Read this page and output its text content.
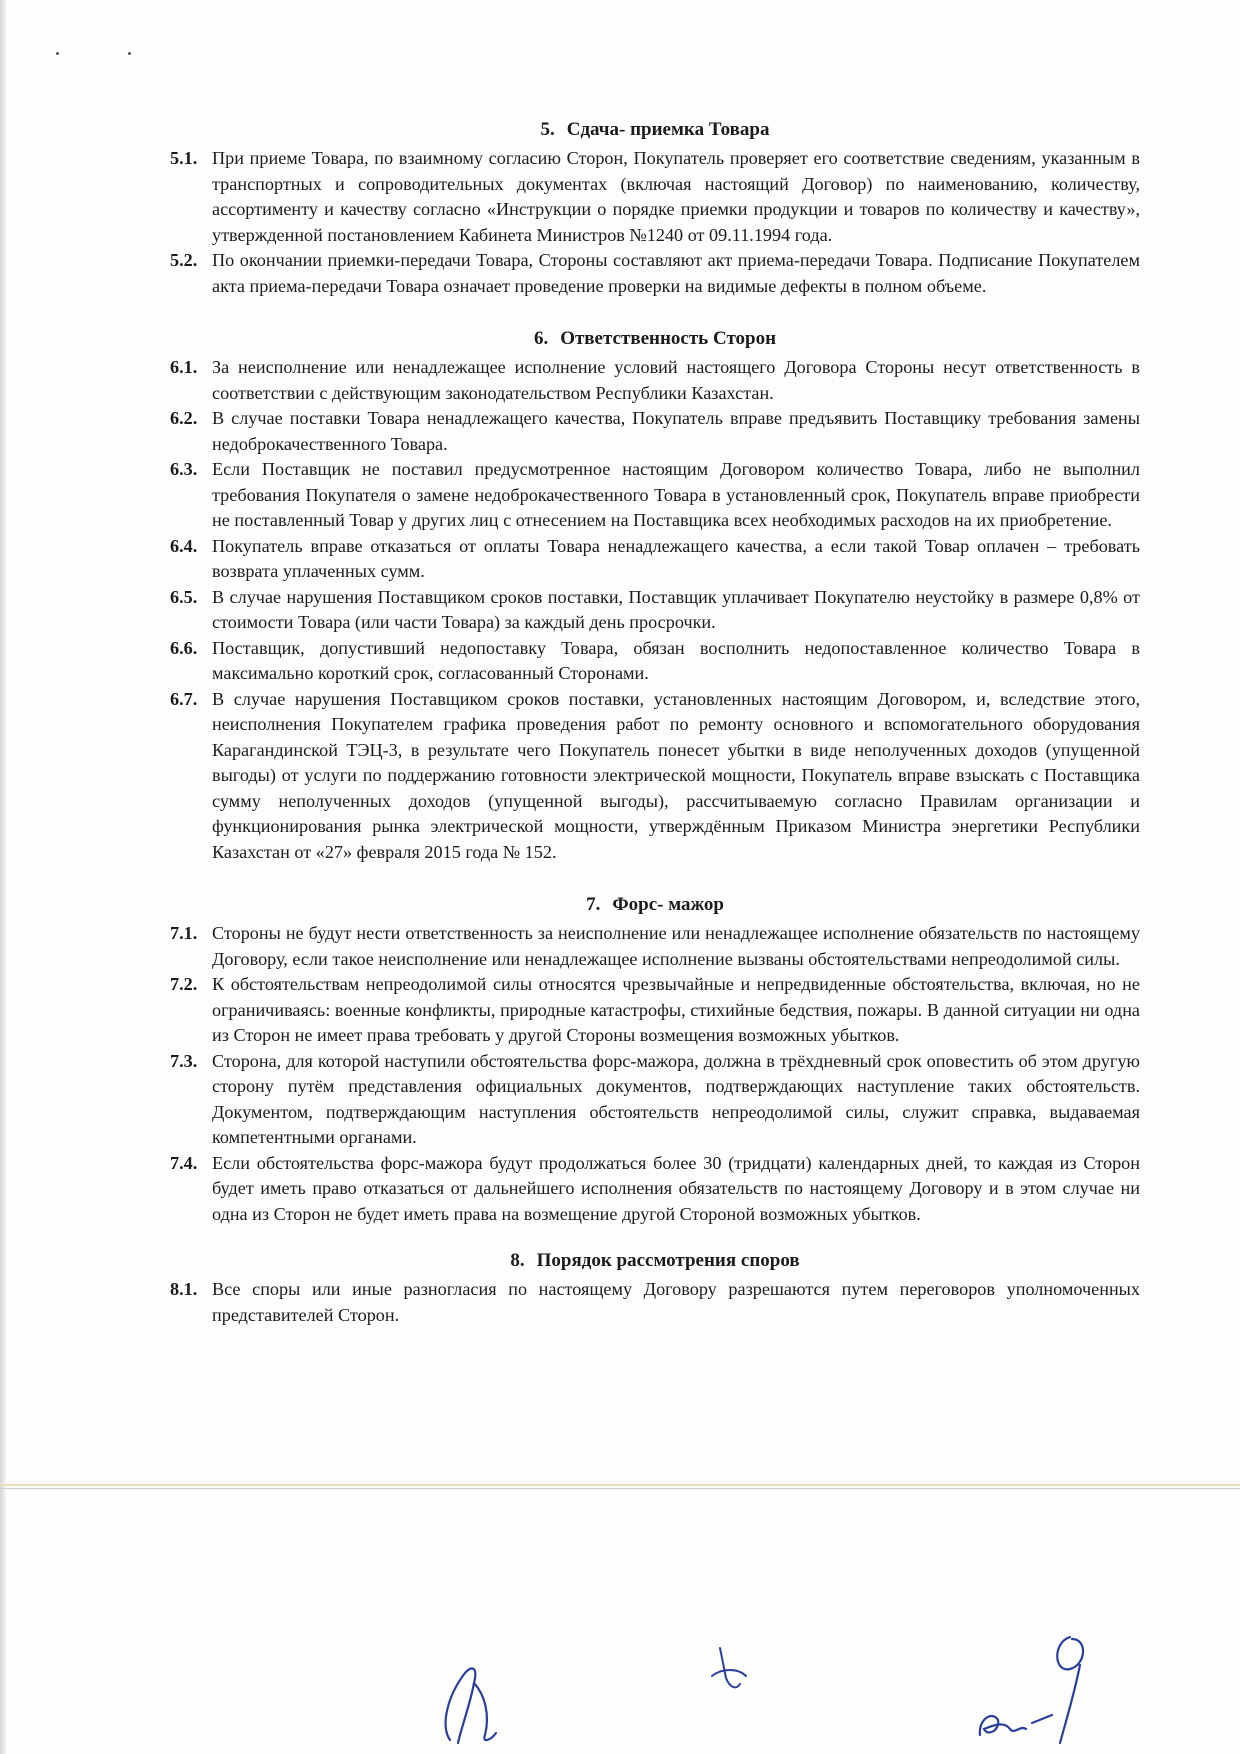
5. Сдача- приемка Товара
5.1. При приеме Товара, по взаимному согласию Сторон, Покупатель проверяет его соответствие сведениям, указанным в транспортных и сопроводительных документах (включая настоящий Договор) по наименованию, количеству, ассортименту и качеству согласно «Инструкции о порядке приемки продукции и товаров по количеству и качеству», утвержденной постановлением Кабинета Министров №1240 от 09.11.1994 года.
5.2. По окончании приемки-передачи Товара, Стороны составляют акт приема-передачи Товара. Подписание Покупателем акта приема-передачи Товара означает проведение проверки на видимые дефекты в полном объеме.
6. Ответственность Сторон
6.1. За неисполнение или ненадлежащее исполнение условий настоящего Договора Стороны несут ответственность в соответствии с действующим законодательством Республики Казахстан.
6.2. В случае поставки Товара ненадлежащего качества, Покупатель вправе предъявить Поставщику требования замены недоброкачественного Товара.
6.3. Если Поставщик не поставил предусмотренное настоящим Договором количество Товара, либо не выполнил требования Покупателя о замене недоброкачественного Товара в установленный срок, Покупатель вправе приобрести не поставленный Товар у других лиц с отнесением на Поставщика всех необходимых расходов на их приобретение.
6.4. Покупатель вправе отказаться от оплаты Товара ненадлежащего качества, а если такой Товар оплачен – требовать возврата уплаченных сумм.
6.5. В случае нарушения Поставщиком сроков поставки, Поставщик уплачивает Покупателю неустойку в размере 0,8% от стоимости Товара (или части Товара) за каждый день просрочки.
6.6. Поставщик, допустивший недопоставку Товара, обязан восполнить недопоставленное количество Товара в максимально короткий срок, согласованный Сторонами.
6.7. В случае нарушения Поставщиком сроков поставки, установленных настоящим Договором, и, вследствие этого, неисполнения Покупателем графика проведения работ по ремонту основного и вспомогательного оборудования Карагандинской ТЭЦ-3, в результате чего Покупатель понесет убытки в виде неполученных доходов (упущенной выгоды) от услуги по поддержанию готовности электрической мощности, Покупатель вправе взыскать с Поставщика сумму неполученных доходов (упущенной выгоды), рассчитываемую согласно Правилам организации и функционирования рынка электрической мощности, утверждённым Приказом Министра энергетики Республики Казахстан от «27» февраля 2015 года № 152.
7. Форс- мажор
7.1. Стороны не будут нести ответственность за неисполнение или ненадлежащее исполнение обязательств по настоящему Договору, если такое неисполнение или ненадлежащее исполнение вызваны обстоятельствами непреодолимой силы.
7.2. К обстоятельствам непреодолимой силы относятся чрезвычайные и непредвиденные обстоятельства, включая, но не ограничиваясь: военные конфликты, природные катастрофы, стихийные бедствия, пожары. В данной ситуации ни одна из Сторон не имеет права требовать у другой Стороны возмещения возможных убытков.
7.3. Сторона, для которой наступили обстоятельства форс-мажора, должна в трёхдневный срок оповестить об этом другую сторону путём представления официальных документов, подтверждающих наступление таких обстоятельств. Документом, подтверждающим наступления обстоятельств непреодолимой силы, служит справка, выдаваемая компетентными органами.
7.4. Если обстоятельства форс-мажора будут продолжаться более 30 (тридцати) календарных дней, то каждая из Сторон будет иметь право отказаться от дальнейшего исполнения обязательств по настоящему Договору и в этом случае ни одна из Сторон не будет иметь права на возмещение другой Стороной возможных убытков.
8. Порядок рассмотрения споров
8.1. Все споры или иные разногласия по настоящему Договору разрешаются путем переговоров уполномоченных представителей Сторон.
